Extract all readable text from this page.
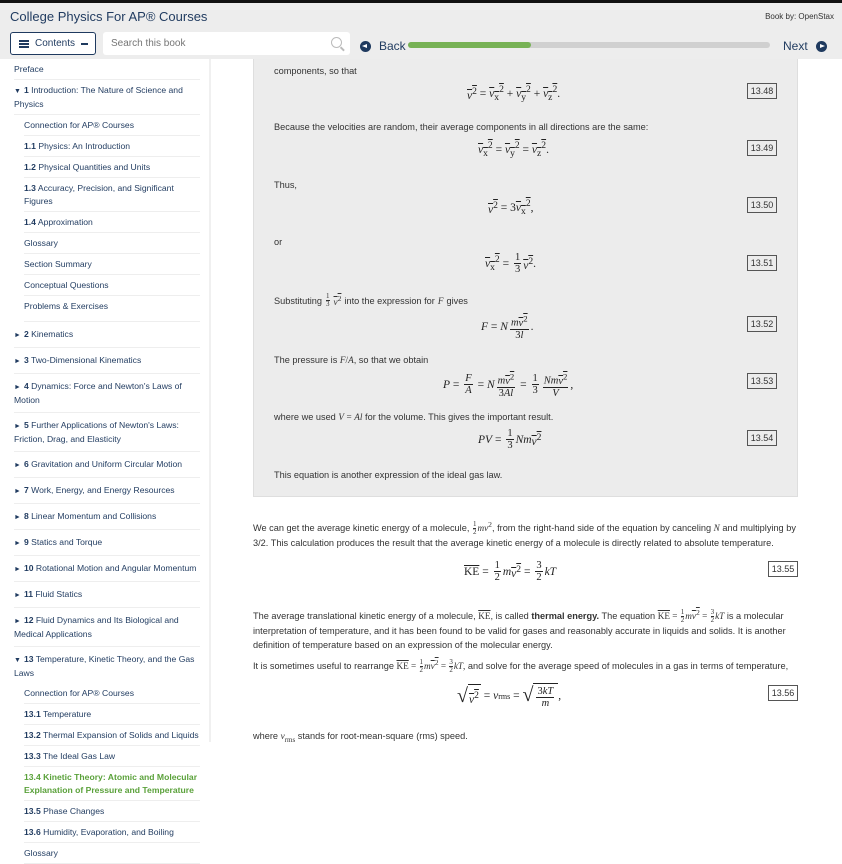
College Physics For AP® Courses	Book by: OpenStax
Contents
Search this book	Back	Next
Preface
▼ 1 Introduction: The Nature of Science and Physics
Connection for AP® Courses
1.1 Physics: An Introduction
1.2 Physical Quantities and Units
1.3 Accuracy, Precision, and Significant Figures
1.4 Approximation
Glossary
Section Summary
Conceptual Questions
Problems & Exercises
► 2 Kinematics
► 3 Two-Dimensional Kinematics
► 4 Dynamics: Force and Newton's Laws of Motion
► 5 Further Applications of Newton's Laws: Friction, Drag, and Elasticity
► 6 Gravitation and Uniform Circular Motion
► 7 Work, Energy, and Energy Resources
► 8 Linear Momentum and Collisions
► 9 Statics and Torque
► 10 Rotational Motion and Angular Momentum
► 11 Fluid Statics
► 12 Fluid Dynamics and Its Biological and Medical Applications
▼ 13 Temperature, Kinetic Theory, and the Gas Laws
Connection for AP® Courses
13.1 Temperature
13.2 Thermal Expansion of Solids and Liquids
13.3 The Ideal Gas Law
13.4 Kinetic Theory: Atomic and Molecular Explanation of Pressure and Temperature
13.5 Phase Changes
13.6 Humidity, Evaporation, and Boiling
Glossary
components, so that
$v^2 = v_x^2 + v_y^2 + v_z^2$ .	13.48
Because the velocities are random, their average components in all directions are the same:
$v_x^2 = v_y^2 = v_z^2$ .	13.49
Thus,
$v^2 = 3$ $v_x^2$ ,	13.50
or
$v_x^2 = \frac{1}{3} v^2$ .	13.51
Substituting 1
3 $v^2$ into the expression for F gives
F = N $\frac{mv^2}{3l}$ .	13.52
The pressure is F/A, so that we obtain
$P = \frac{F}{A} = N \frac{mv^2}{3Al} = \frac{1}{3} \frac{Nmv^2}{V}$ ,	13.53
where we used V = Al for the volume. This gives the important result.
PV = $\frac{1}{3}$ Nm $v^2$	13.54
This equation is another expression of the ideal gas law.
We can get the average kinetic energy of a molecule, $\frac{1}{2} mv^2$, from the right-hand side of the equation by canceling N and multiplying by 3/2. This calculation produces the result that the average kinetic energy of a molecule is directly related to absolute temperature.
$\overline{KE} = \frac{1}{2}$ m $v^2 = \frac{3}{2}$ kT	13.55
The average translational kinetic energy of a molecule, $\overline{KE}$, is called thermal energy. The equation $\overline{KE} = \frac{1}{2} mv^2 = \frac{3}{2}$ kT is a molecular interpretation of temperature, and it has been found to be valid for gases and reasonably accurate in liquids and solids. It is another definition of temperature based on an expression of the molecular energy.
It is sometimes useful to rearrange $\overline{KE} = \frac{1}{2} mv^2 = \frac{3}{2}$ kT, and solve for the average speed of molecules in a gas in terms of temperature,
√ $v^2 = v$ rms = √ $\frac{3kT}{m}$ ,	13.56
where $v_{rms}$ stands for root-mean-square (rms) speed.
